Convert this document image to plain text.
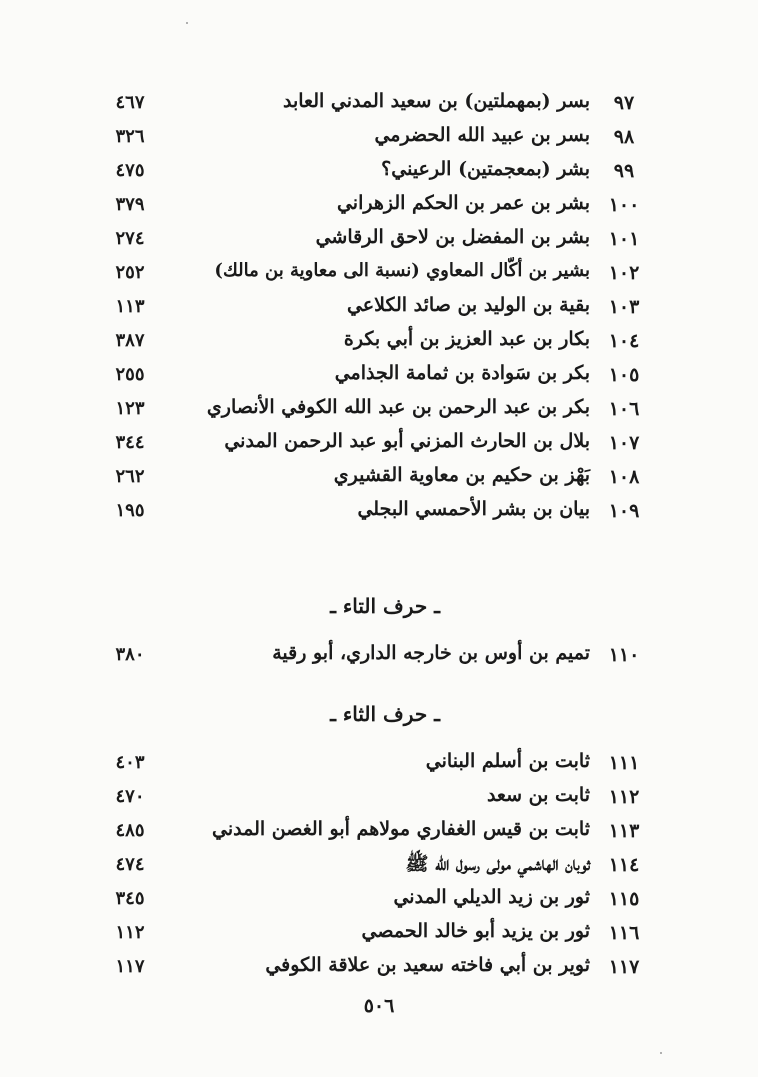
٩٧
بسر (بمهملتين) بن سعيد المدني العابد
٤٦٧
٩٨
بسر بن عبيد الله الحضرمي
٣٢٦
٩٩
بشر (بمعجمتين) الرعيني؟
٤٧٥
١٠٠
بشر بن عمر بن الحكم الزهراني
٣٧٩
١٠١
بشر بن المفضل بن لاحق الرقاشي
٢٧٤
١٠٢
بشير بن أكّال المعاوي (نسبة الى معاوية بن مالك)
٢٥٢
١٠٣
بقية بن الوليد بن صائد الكلاعي
١١٣
١٠٤
بكار بن عبد العزيز بن أبي بكرة
٣٨٧
١٠٥
بكر بن سَوادة بن ثمامة الجذامي
٢٥٥
١٠٦
بكر بن عبد الرحمن بن عبد الله الكوفي الأنصاري
١٢٣
١٠٧
بلال بن الحارث المزني أبو عبد الرحمن المدني
٣٤٤
١٠٨
بَهْز بن حكيم بن معاوية القشيري
٢٦٢
١٠٩
بيان بن بشر الأحمسي البجلي
١٩٥
ـ حرف التاء ـ
١١٠
تميم بن أوس بن خارجه الداري، أبو رقية
٣٨٠
ـ حرف الثاء ـ
١١١
ثابت بن أسلم البناني
٤٠٣
١١٢
ثابت بن سعد
٤٧٠
١١٣
ثابت بن قيس الغفاري مولاهم أبو الغصن المدني
٤٨٥
١١٤
ثوبان الهاشمي مولى رسول الله ﷺ
٤٧٤
١١٥
ثور بن زيد الديلي المدني
٣٤٥
١١٦
ثور بن يزيد أبو خالد الحمصي
١١٢
١١٧
ثوير بن أبي فاخته سعيد بن علاقة الكوفي
١١٧
٥٠٦
